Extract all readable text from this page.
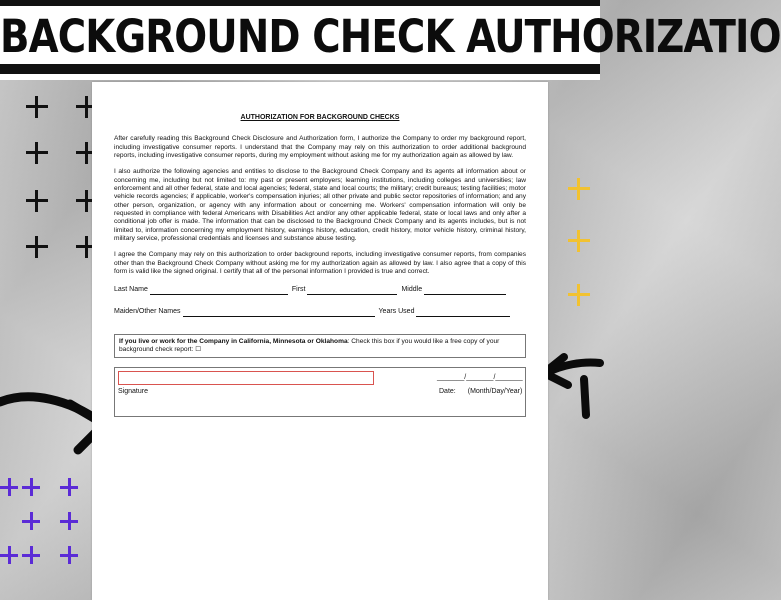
BACKGROUND CHECK AUTHORIZATIO
AUTHORIZATION FOR BACKGROUND CHECKS

After carefully reading this Background Check Disclosure and Authorization form, I authorize the Company to order my background report, including investigative consumer reports. I understand that the Company may rely on this authorization to order additional background reports, including investigative consumer reports, during my employment without asking me for my authorization again as allowed by law.

I also authorize the following agencies and entities to disclose to the Background Check Company and its agents all information about or concerning me, including but not limited to: my past or present employers; learning institutions, including colleges and universities; law enforcement and all other federal, state and local agencies; federal, state and local courts; the military; credit bureaus; testing facilities; motor vehicle records agencies; if applicable, worker's compensation injuries; all other private and public sector repositories of information; and any other person, organization, or agency with any information about or concerning me. Workers' compensation information will only be requested in compliance with federal Americans with Disabilities Act and/or any other applicable federal, state or local laws and only after a conditional job offer is made. The information that can be disclosed to the Background Check Company and its agents includes, but is not limited to, information concerning my employment history, earnings history, education, credit history, motor vehicle history, criminal history, military service, professional credentials and licenses and substance abuse testing.

I agree the Company may rely on this authorization to order background reports, including investigative consumer reports, from companies other than the Background Check Company without asking me for my authorization again as allowed by law. I also agree that a copy of this form is valid like the signed original. I certify that all of the personal information I provided is true and correct.

Last Name	First	Middle
Maiden/Other Names	Years Used
If you live or work for the Company in California, Minnesota or Oklahoma: Check this box if you would like a free copy of your background check report: ☐
Signature
_______/_______/_______
Date: (Month/Day/Year)
